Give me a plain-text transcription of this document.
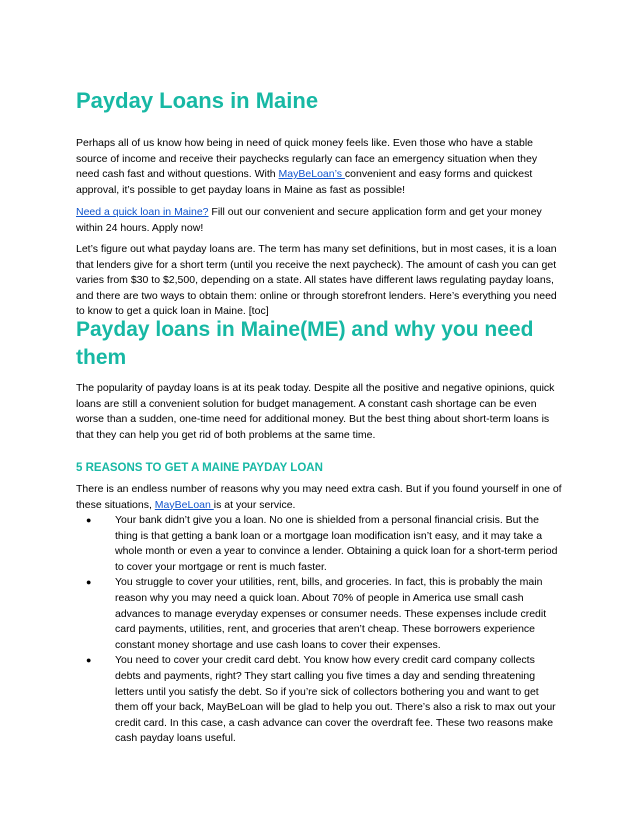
Payday Loans in Maine

Perhaps all of us know how being in need of quick money feels like. Even those who have a stable source of income and receive their paychecks regularly can face an emergency situation when they need cash fast and without questions. With MayBeLoan’s convenient and easy forms and quickest approval, it’s possible to get payday loans in Maine as fast as possible!

Need a quick loan in Maine? Fill out our convenient and secure application form and get your money within 24 hours. Apply now!

Let’s figure out what payday loans are. The term has many set definitions, but in most cases, it is a loan that lenders give for a short term (until you receive the next paycheck). The amount of cash you can get varies from $30 to $2,500, depending on a state. All states have different laws regulating payday loans, and there are two ways to obtain them: online or through storefront lenders. Here’s everything you need to know to get a quick loan in Maine. [toc]

Payday loans in Maine(ME) and why you need them

The popularity of payday loans is at its peak today. Despite all the positive and negative opinions, quick loans are still a convenient solution for budget management. A constant cash shortage can be even worse than a sudden, one-time need for additional money. But the best thing about short-term loans is that they can help you get rid of both problems at the same time.

5 REASONS TO GET A MAINE PAYDAY LOAN

There is an endless number of reasons why you may need extra cash. But if you found yourself in one of these situations, MayBeLoan is at your service.

● Your bank didn’t give you a loan. No one is shielded from a personal financial crisis. But the thing is that getting a bank loan or a mortgage loan modification isn’t easy, and it may take a whole month or even a year to convince a lender. Obtaining a quick loan for a short-term period to cover your mortgage or rent is much faster.
● You struggle to cover your utilities, rent, bills, and groceries. In fact, this is probably the main reason why you may need a quick loan. About 70% of people in America use small cash advances to manage everyday expenses or consumer needs. These expenses include credit card payments, utilities, rent, and groceries that aren’t cheap. These borrowers experience constant money shortage and use cash loans to cover their expenses.
● You need to cover your credit card debt. You know how every credit card company collects debts and payments, right? They start calling you five times a day and sending threatening letters until you satisfy the debt. So if you’re sick of collectors bothering you and want to get them off your back, MayBeLoan will be glad to help you out. There’s also a risk to max out your credit card. In this case, a cash advance can cover the overdraft fee. These two reasons make cash payday loans useful.
